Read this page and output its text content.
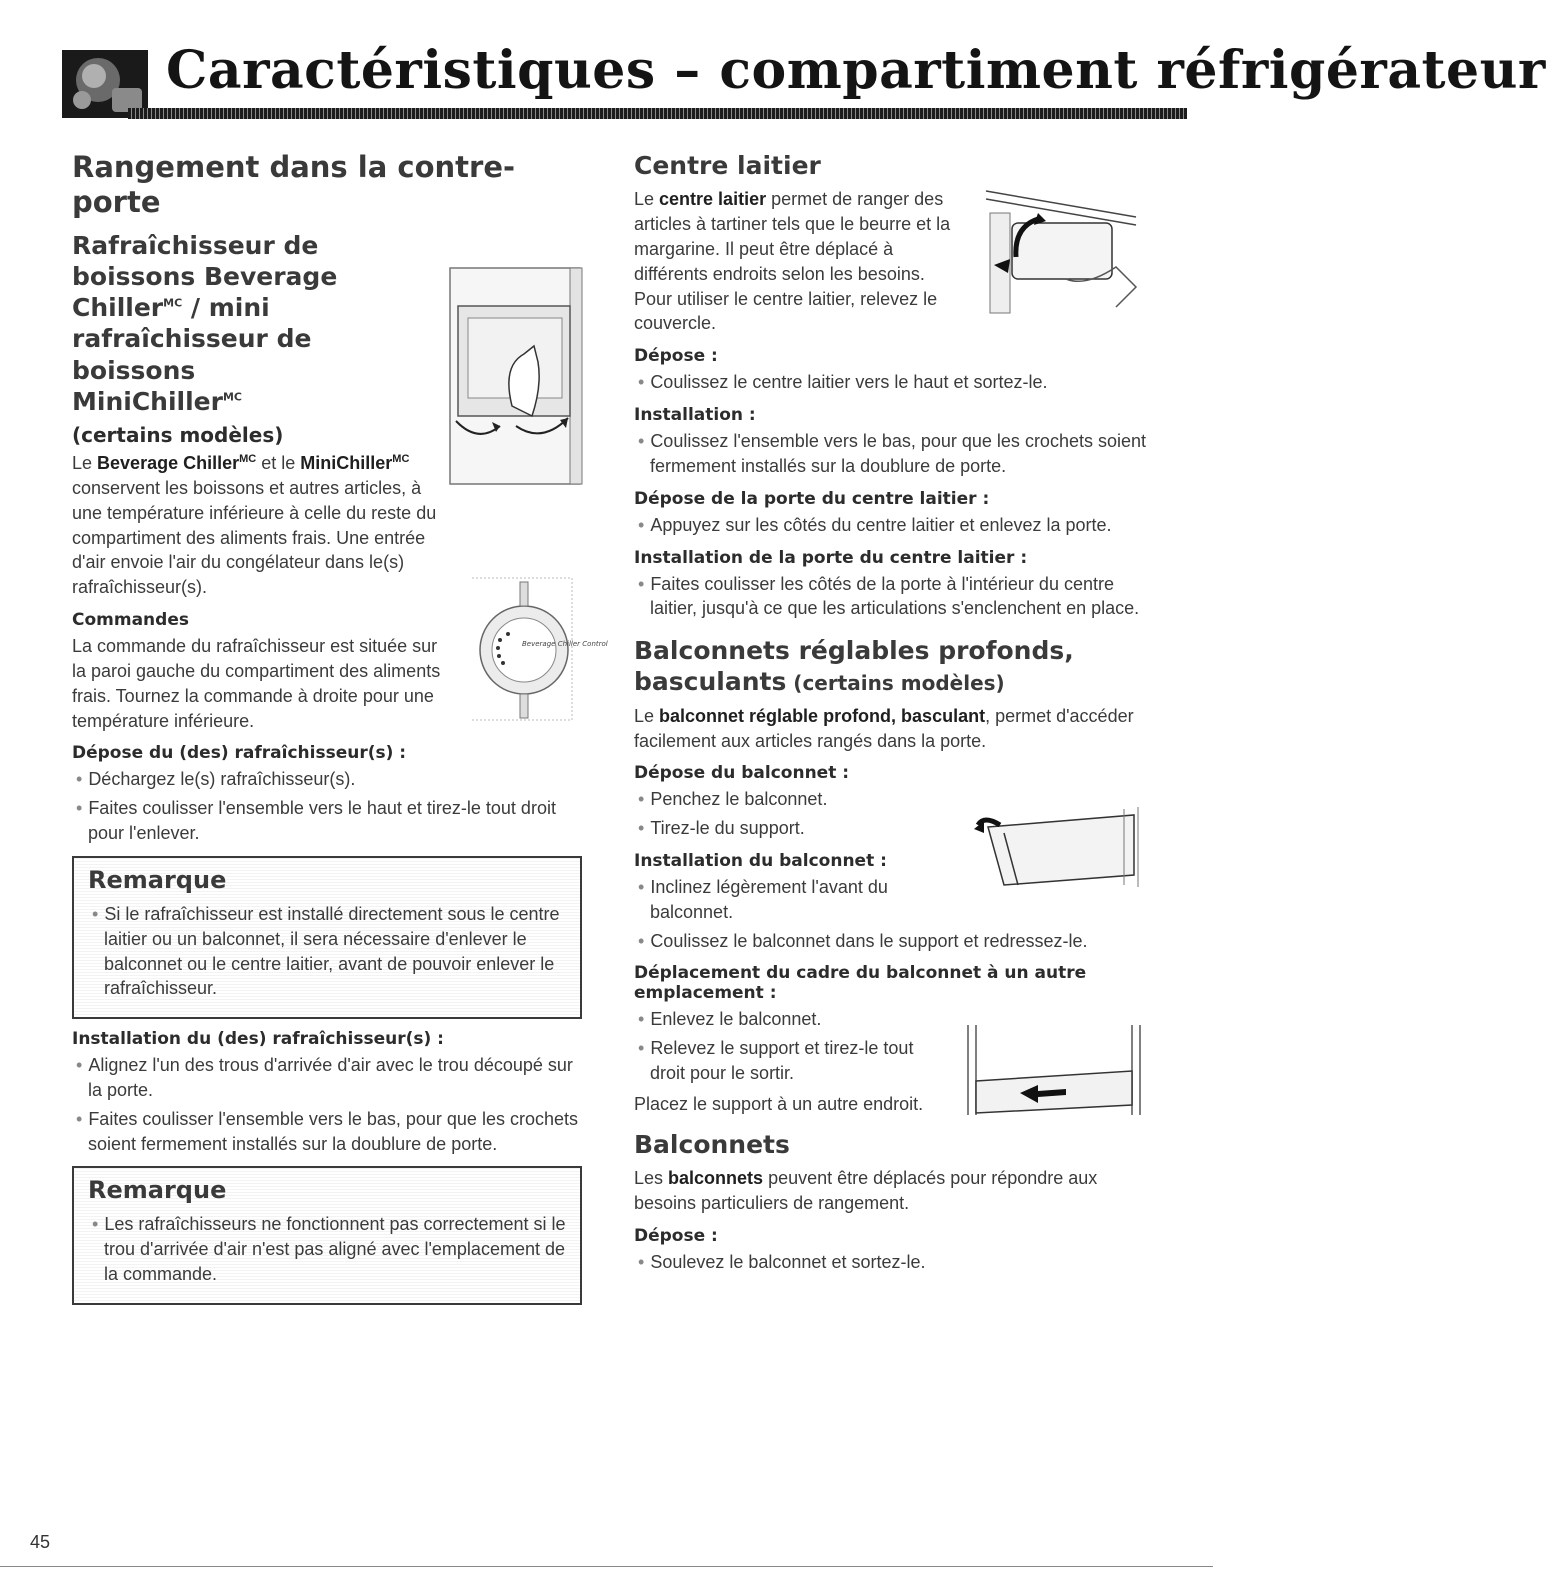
Caractéristiques – compartiment réfrigérateur
Rangement dans la contre-porte
Rafraîchisseur de boissons Beverage
Chiller$^{MC}$ / mini
rafraîchisseur de boissons
MiniChiller$^{MC}$
(certains modèles)
Beverage Chiller Control

Le Beverage Chiller$^{MC}$ et le MiniChiller$^{MC}$ conservent les boissons et autres articles, à une température inférieure à celle du reste du compartiment des aliments frais. Une entrée d'air envoie l'air du congélateur dans le(s) rafraîchisseur(s).

Commandes

La commande du rafraîchisseur est située sur la paroi gauche du compartiment des aliments frais. Tournez la commande à droite pour une température inférieure.

Dépose du (des) rafraîchisseur(s) :
• Déchargez le(s) rafraîchisseur(s).
• Faites coulisser l'ensemble vers le haut et tirez-le tout droit pour l'enlever.
Remarque
• Si le rafraîchisseur est installé directement sous le centre laitier ou un balconnet, il sera nécessaire d'enlever le balconnet ou le centre laitier, avant de pouvoir enlever le rafraîchisseur.
Installation du (des) rafraîchisseur(s) :
• Alignez l'un des trous d'arrivée d'air avec le trou découpé sur la porte.
• Faites coulisser l'ensemble vers le bas, pour que les crochets soient fermement installés sur la doublure de porte.
Remarque
• Les rafraîchisseurs ne fonctionnent pas correctement si le trou d'arrivée d'air n'est pas aligné avec l'emplacement de la commande.
Centre laitier

Le centre laitier permet de ranger des articles à tartiner tels que le beurre et la margarine. Il peut être déplacé à différents endroits selon les besoins. Pour utiliser le centre laitier, relevez le couvercle.

Dépose :
• Coulissez le centre laitier vers le haut et sortez-le.
Installation :
• Coulissez l'ensemble vers le bas, pour que les crochets soient fermement installés sur la doublure de porte.
Dépose de la porte du centre laitier :
• Appuyez sur les côtés du centre laitier et enlevez la porte.
Installation de la porte du centre laitier :
• Faites coulisser les côtés de la porte à l'intérieur du centre laitier, jusqu'à ce que les articulations s'enclenchent en place.
Balconnets réglables profonds,
basculants (certains modèles)

Le balconnet réglable profond, basculant, permet d'accéder facilement aux articles rangés dans la porte.

Dépose du balconnet :
• Penchez le balconnet.
• Tirez-le du support.
Installation du balconnet :
• Inclinez légèrement l'avant du balconnet.
• Coulissez le balconnet dans le support et redressez-le.
Déplacement du cadre du balconnet à un autre emplacement :
• Enlevez le balconnet.
• Relevez le support et tirez-le tout droit pour le sortir.

Placez le support à un autre endroit.

Balconnets

Les balconnets peuvent être déplacés pour répondre aux besoins particuliers de rangement.

Dépose :
• Soulevez le balconnet et sortez-le.
45
